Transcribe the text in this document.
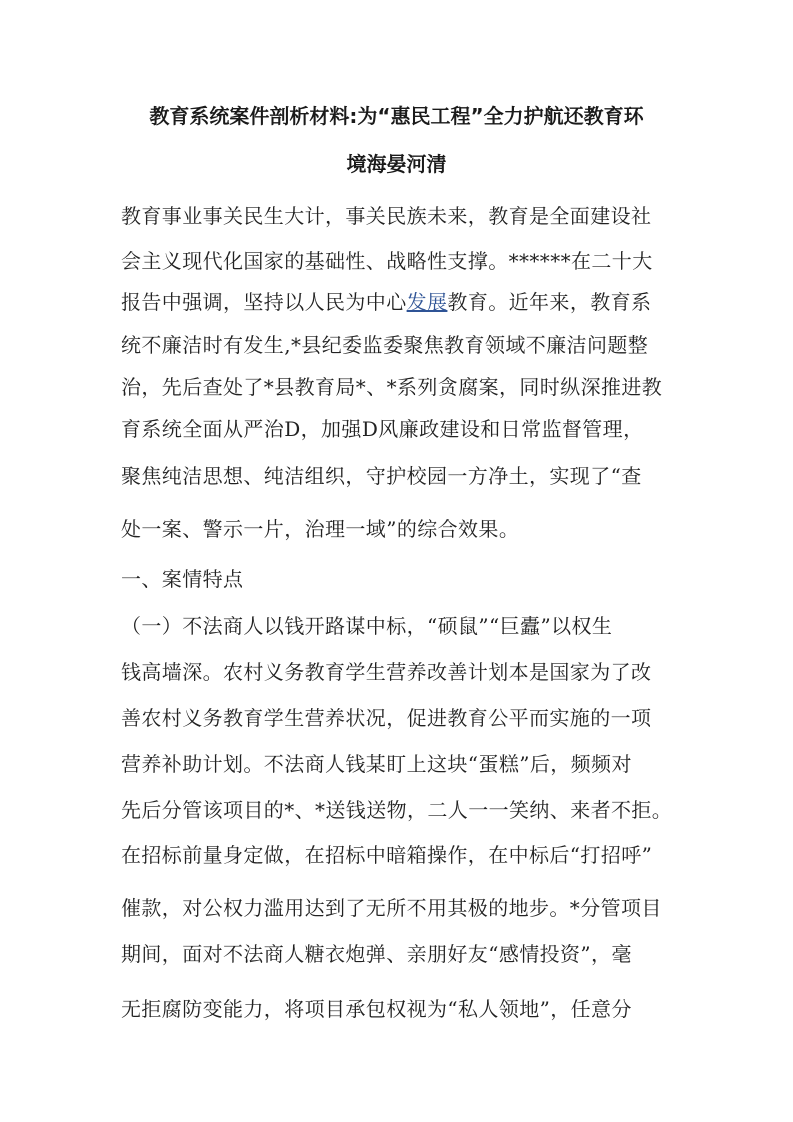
教育系统案件剖析材料:为“惠民工程”全力护航还教育环
境海晏河清
教育事业事关民生大计，事关民族未来，教育是全面建设社
会主义现代化国家的基础性、战略性支撑。******在二十大
报告中强调，坚持以人民为中心发展教育。近年来，教育系
统不廉洁时有发生,*县纪委监委聚焦教育领域不廉洁问题整
治，先后查处了*县教育局*、*系列贪腐案，同时纵深推进教
育系统全面从严治D，加强D风廉政建设和日常监督管理，
聚焦纯洁思想、纯洁组织，守护校园一方净土，实现了“查
处一案、警示一片，治理一域”的综合效果。
一、案情特点
（一）不法商人以钱开路谋中标，“硕鼠”“巨蠹”以权生
钱高墙深。农村义务教育学生营养改善计划本是国家为了改
善农村义务教育学生营养状况，促进教育公平而实施的一项
营养补助计划。不法商人钱某盯上这块“蛋糕”后，频频对
先后分管该项目的*、*送钱送物，二人一一笑纳、来者不拒。
在招标前量身定做，在招标中暗箱操作，在中标后“打招呼”
催款，对公权力滥用达到了无所不用其极的地步。*分管项目
期间，面对不法商人糖衣炮弹、亲朋好友“感情投资”，毫
无拒腐防变能力，将项目承包权视为“私人领地”，任意分
